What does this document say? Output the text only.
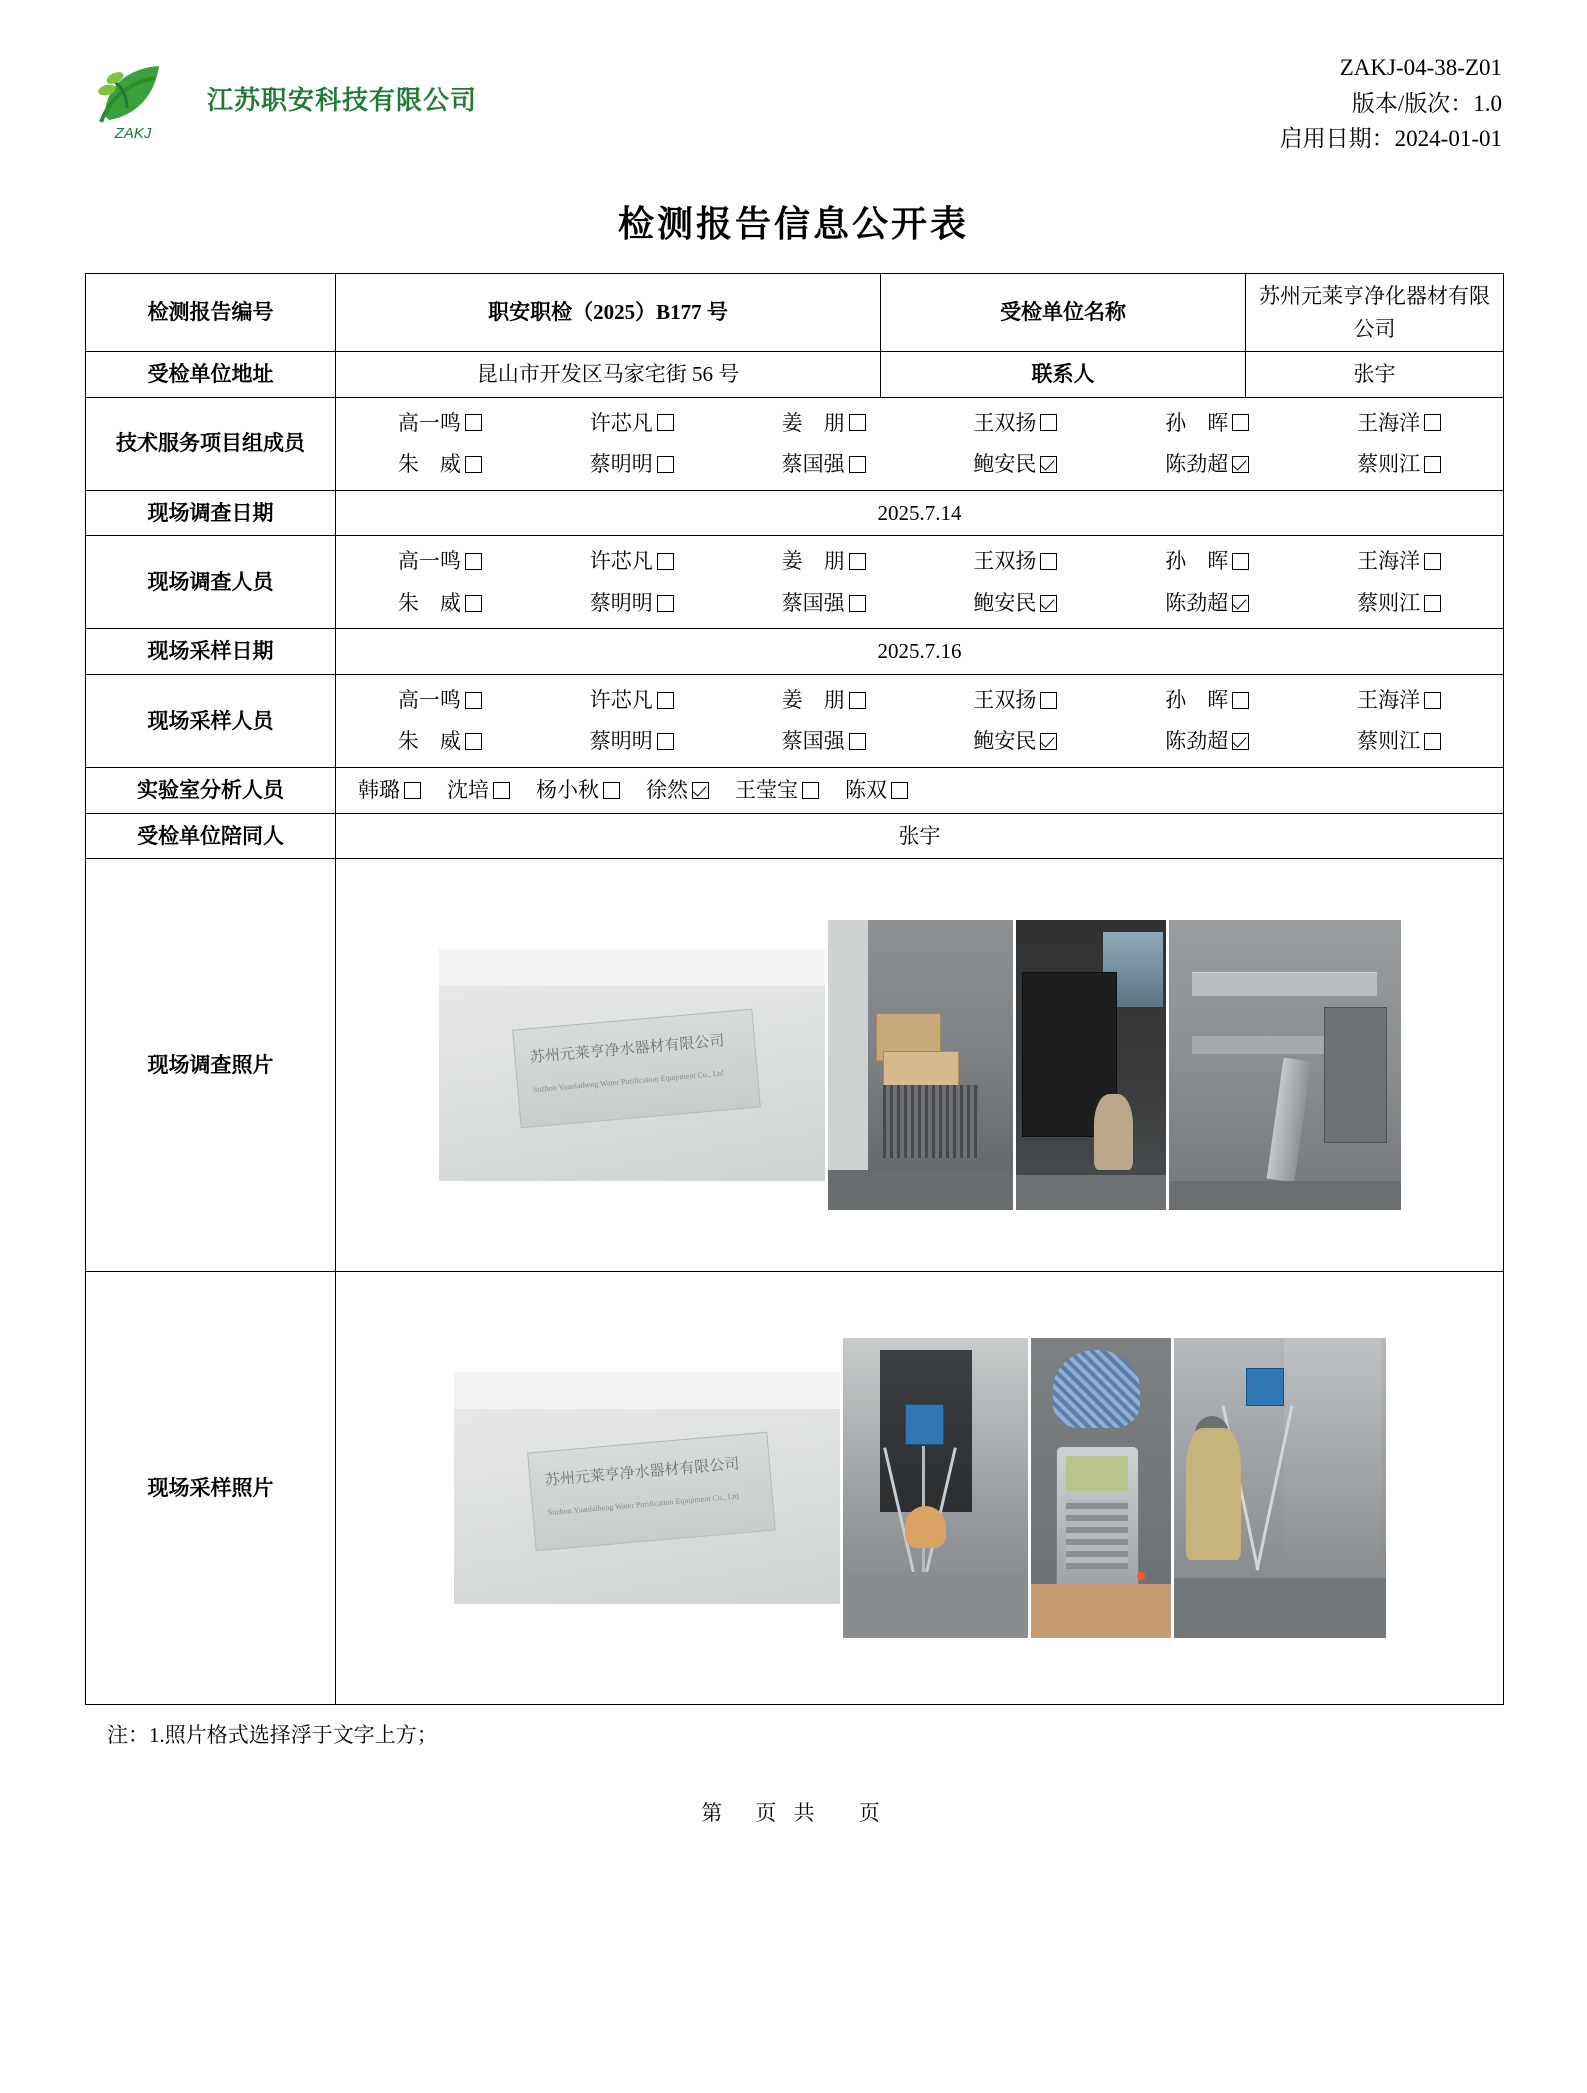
ZAKJ
江苏职安科技有限公司
ZAKJ-04-38-Z01
版本/版次：1.0
启用日期：2024-01-01
检测报告信息公开表
检测报告编号	职安职检（2025）B177 号	受检单位名称	苏州元莱亨净化器材有限公司
受检单位地址	昆山市开发区马家宅街 56 号	联系人	张宇
技术服务项目组成员	
高一鸣	许芯凡	姜　朋	王双扬	孙　晖	王海洋
朱　威	蔡明明	蔡国强	鲍安民	陈劲超	蔡则江

现场调查日期	2025.7.14		
现场调查人员	
高一鸣	许芯凡	姜　朋	王双扬	孙　晖	王海洋
朱　威	蔡明明	蔡国强	鲍安民	陈劲超	蔡则江

现场采样日期	2025.7.16		
现场采样人员	
高一鸣	许芯凡	姜　朋	王双扬	孙　晖	王海洋
朱　威	蔡明明	蔡国强	鲍安民	陈劲超	蔡则江

实验室分析人员	韩璐 沈培 杨小秋 徐然 王莹宝 陈双

受检单位陪同人	张宇		
现场调查照片	苏州元莱亨净水器材有限公司
Suzhou Yuanlaiheng Water Purification Equipment Co., Ltd		

现场采样照片	苏州元莱亨净水器材有限公司
Suzhou Yuanlaiheng Water Purification Equipment Co., Ltd		
注：1.照片格式选择浮于文字上方；
第　页 共　 页
